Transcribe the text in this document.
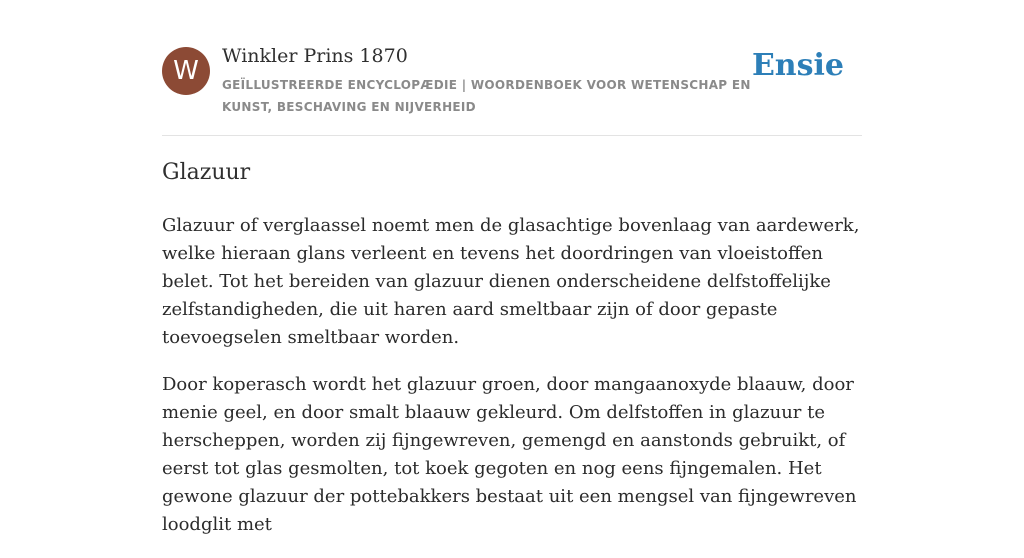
W	Winkler Prins 1870
GEÏLLUSTREERDE ENCYCLOPÆDIE | WOORDENBOEK VOOR WETENSCHAP EN KUNST, BESCHAVING EN NIJVERHEID
Ensie
Glazuur

Glazuur of verglaassel noemt men de glasachtige bovenlaag van aardewerk, welke hieraan glans verleent en tevens het doordringen van vloeistoffen belet. Tot het bereiden van glazuur dienen onderscheidene delfstoffelijke zelfstandigheden, die uit haren aard smeltbaar zijn of door gepaste toevoegselen smeltbaar worden.

Door koperasch wordt het glazuur groen, door mangaanoxyde blaauw, door menie geel, en door smalt blaauw gekleurd. Om delfstoffen in glazuur te herscheppen, worden zij fijngewreven, gemengd en aanstonds gebruikt, of eerst tot glas gesmolten, tot koek gegoten en nog eens fijngemalen. Het gewone glazuur der pottebakkers bestaat uit een mengsel van fijngewreven loodglit met
